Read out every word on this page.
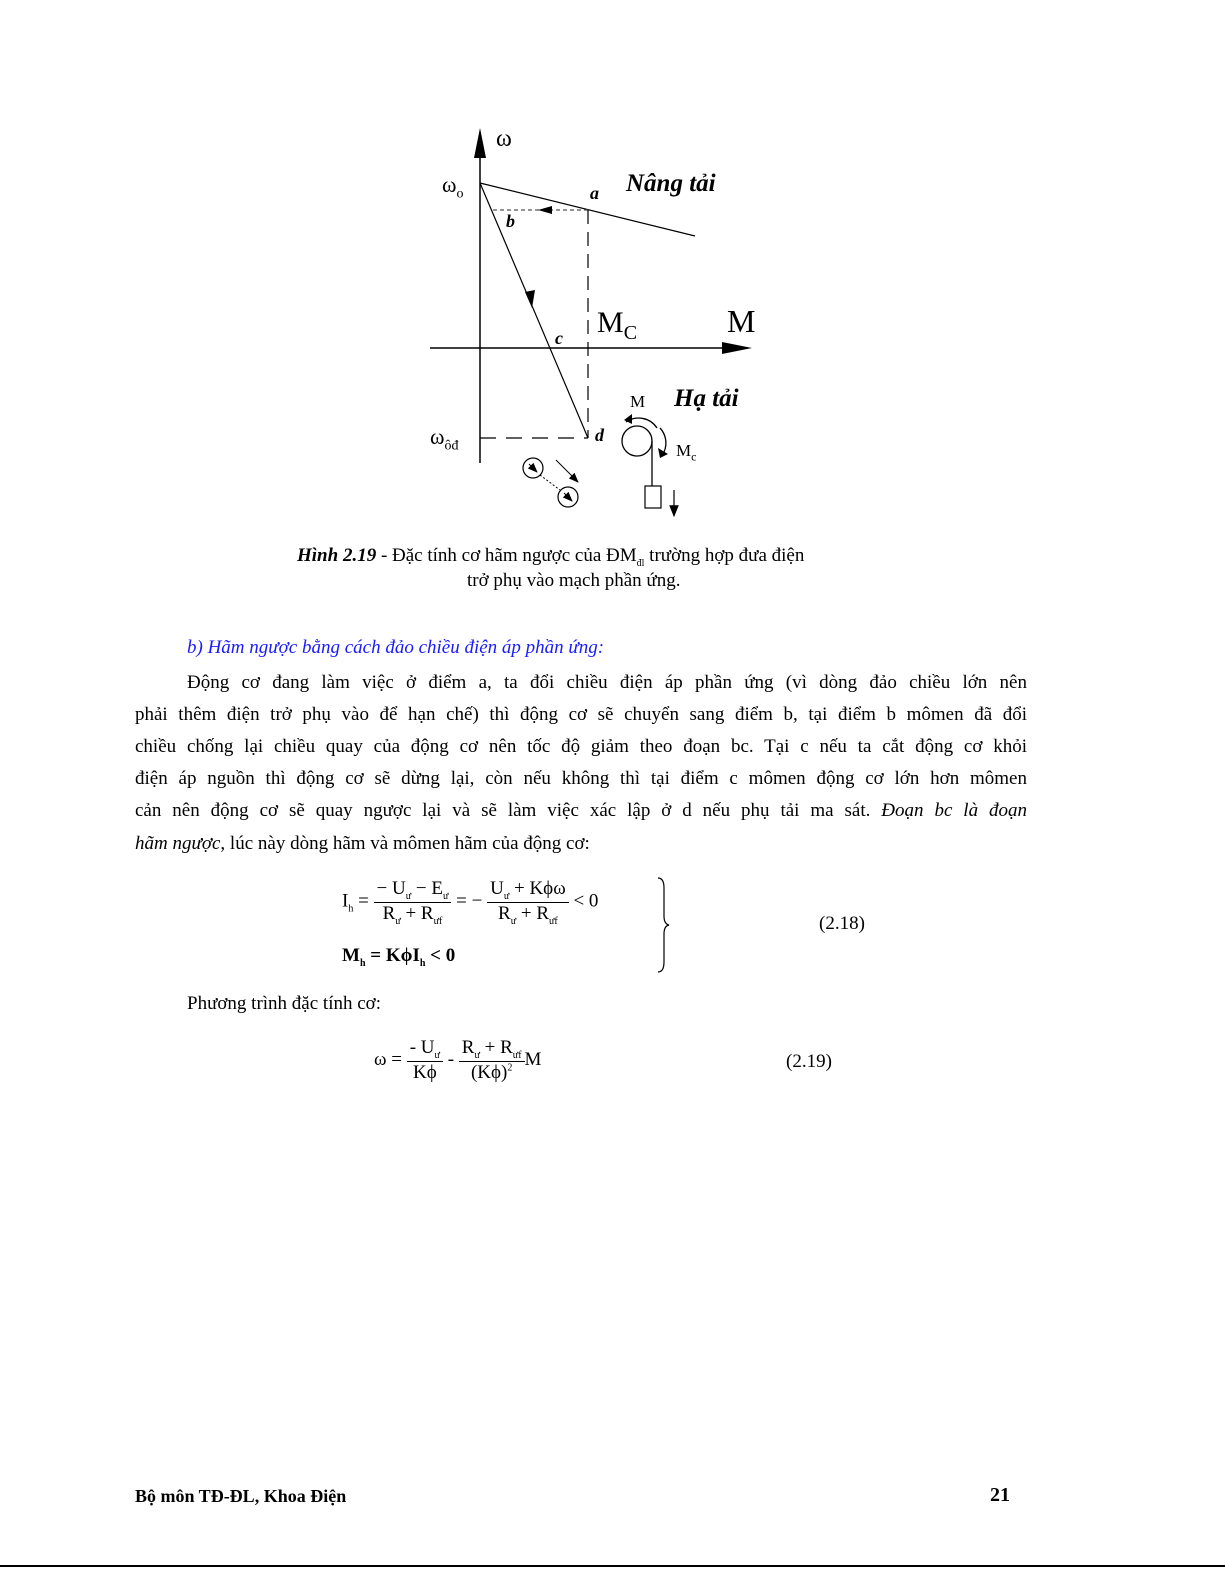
ω
$\omega_o$
$\omega_{ôđ}$
a
b
c
d
M
$M_C$
Nâng tải
Hạ tải
M
$M_c$
Hình 2.19 - Đặc tính cơ hãm ngược của $ĐM_{đl}$ trường hợp đưa điện
trở phụ vào mạch phần ứng.
b) Hãm ngược bằng cách đảo chiều điện áp phần ứng:
Động cơ đang làm việc ở điểm a, ta đổi chiều điện áp phần ứng (vì dòng đảo chiều lớn nên
phải thêm điện trở phụ vào để hạn chế) thì động cơ sẽ chuyển sang điểm b, tại điểm b mômen đã đổi
chiều chống lại chiều quay của động cơ nên tốc độ giảm theo đoạn bc. Tại c nếu ta cắt động cơ khỏi
điện áp nguồn thì động cơ sẽ dừng lại, còn nếu không thì tại điểm c mômen động cơ lớn hơn mômen
cản nên động cơ sẽ quay ngược lại và sẽ làm việc xác lập ở d nếu phụ tải ma sát. Đoạn bc là đoạn
hãm ngược, lúc này dòng hãm và mômen hãm của động cơ:
$I_h = \frac{- U_ư - E_ư}{R_ư + R_{ưf}}$ = − $\frac{U_ư + K\phi\omega}{R_ư + R_{ưf}} < 0$
$M_h = K\phi I_h < 0$
(2.18)
Phương trình đặc tính cơ:
$\omega = \frac{- U_ư}{K\phi} - \frac{R_ư + R_{ưf}}{(K\phi)^2}$ M	(2.19)
Bộ môn TĐ-ĐL, Khoa Điện	21
